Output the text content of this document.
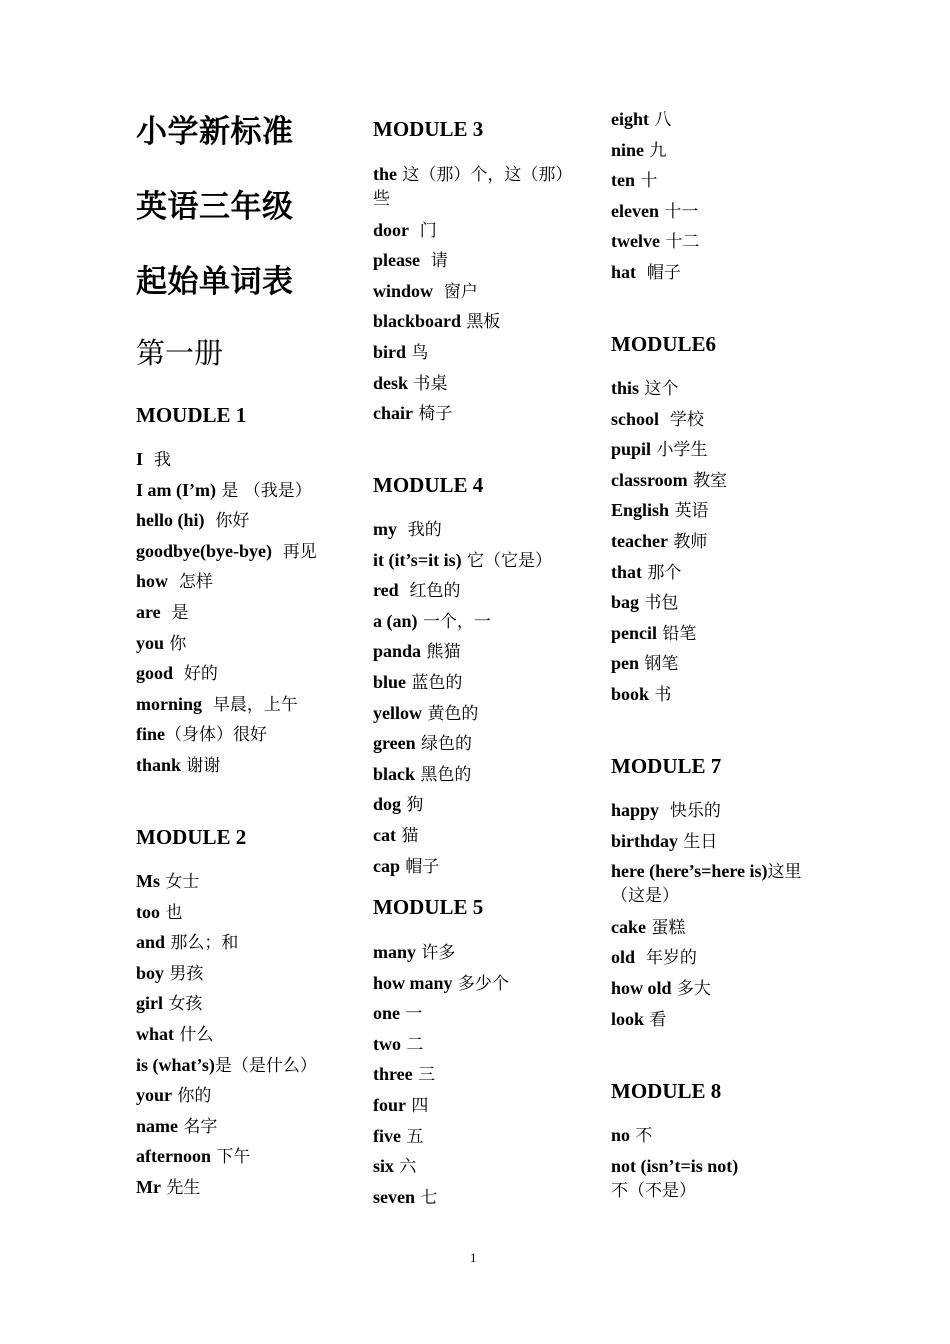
小学新标准
英语三年级
起始单词表
第一册
MOUDLE 1
I  我
I am (I’m) 是 （我是）
hello (hi)  你好
goodbye(bye-bye)  再见
how  怎样
are  是
you 你
good  好的
morning  早晨，上午
fine（身体）很好
thank 谢谢
MODULE 2
Ms 女士
too 也
and 那么；和
boy 男孩
girl 女孩
what 什么
is (what’s)是（是什么）
your 你的
name 名字
afternoon 下午
Mr 先生
MODULE 3
the 这（那）个，这（那）些
door  门
please  请
window  窗户
blackboard 黑板
bird 鸟
desk 书桌
chair 椅子
MODULE 4
my  我的
it (it’s=it is) 它（它是）
red  红色的
a (an) 一个，一
panda 熊猫
blue 蓝色的
yellow 黄色的
green 绿色的
black 黑色的
dog 狗
cat 猫
cap 帽子
MODULE 5
many 许多
how many 多少个
one 一
two 二
three 三
four 四
five 五
six 六
seven 七
eight 八
nine 九
ten 十
eleven 十一
twelve 十二
hat  帽子
MODULE6
this 这个
school  学校
pupil 小学生
classroom 教室
English 英语
teacher 教师
that 那个
bag 书包
pencil 铅笔
pen 钢笔
book 书
MODULE 7
happy  快乐的
birthday 生日
here (here’s=here is)这里（这是）
cake 蛋糕
old  年岁的
how old 多大
look 看
MODULE 8
no 不
not (isn’t=is not)不（不是）
1
